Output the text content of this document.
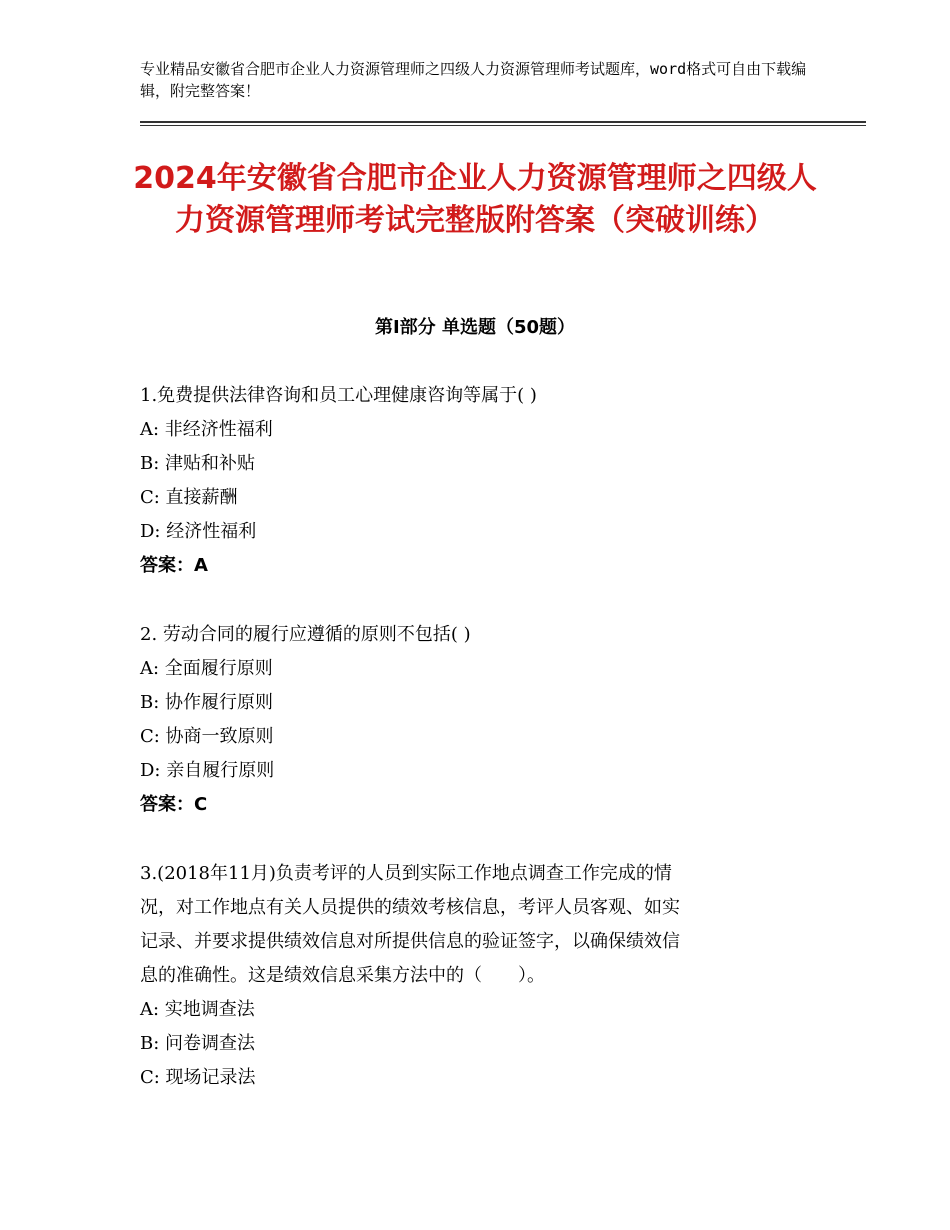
专业精品安徽省合肥市企业人力资源管理师之四级人力资源管理师考试题库，word格式可自由下载编辑，附完整答案！
2024年安徽省合肥市企业人力资源管理师之四级人力资源管理师考试完整版附答案（突破训练）
第Ⅰ部分 单选题（50题）

1.免费提供法律咨询和员工心理健康咨询等属于( )

A: 非经济性福利

B: 津贴和补贴

C: 直接薪酬

D: 经济性福利

答案：A

2. 劳动合同的履行应遵循的原则不包括( )

A: 全面履行原则

B: 协作履行原则

C: 协商一致原则

D: 亲自履行原则

答案：C

3.(2018年11月)负责考评的人员到实际工作地点调查工作完成的情

况，对工作地点有关人员提供的绩效考核信息，考评人员客观、如实

记录、并要求提供绩效信息对所提供信息的验证签字，以确保绩效信

息的准确性。这是绩效信息采集方法中的（　　）。

A: 实地调查法

B: 问卷调查法

C: 现场记录法
